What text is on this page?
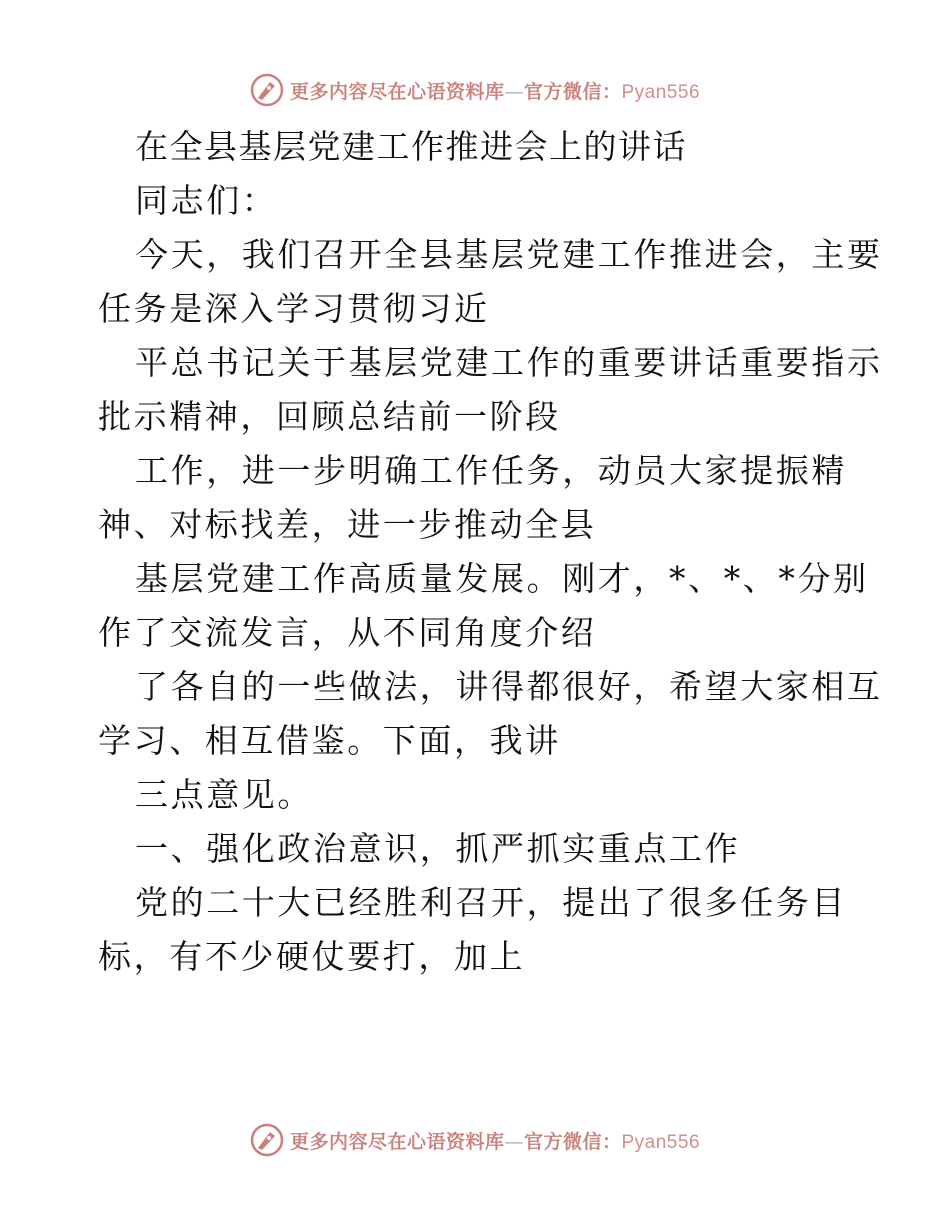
更多内容尽在心语资料库—官方微信：Pyan556
在全县基层党建工作推进会上的讲话
同志们：
今天，我们召开全县基层党建工作推进会，主要
任务是深入学习贯彻习近
平总书记关于基层党建工作的重要讲话重要指示
批示精神，回顾总结前一阶段
工作，进一步明确工作任务，动员大家提振精
神、对标找差，进一步推动全县
基层党建工作高质量发展。刚才，*、*、*分别
作了交流发言，从不同角度介绍
了各自的一些做法，讲得都很好，希望大家相互
学习、相互借鉴。下面，我讲
三点意见。
一、强化政治意识，抓严抓实重点工作
党的二十大已经胜利召开，提出了很多任务目
标，有不少硬仗要打，加上
更多内容尽在心语资料库—官方微信：Pyan556
